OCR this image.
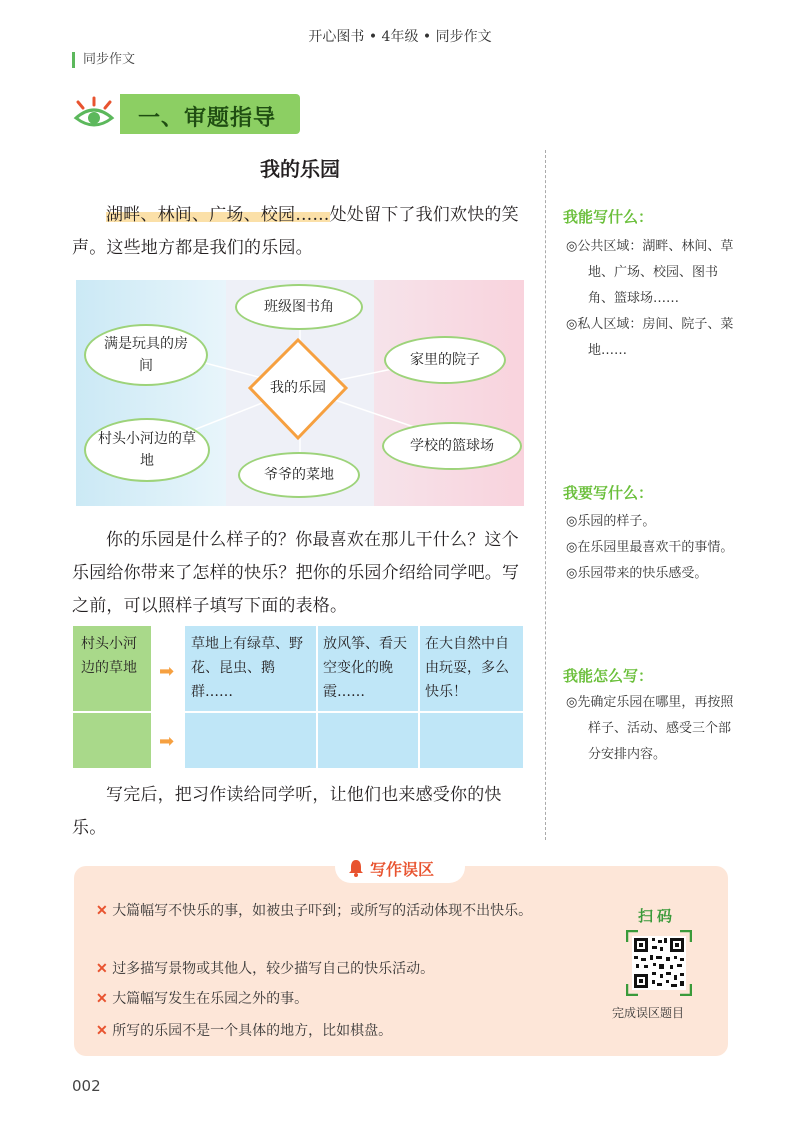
开心图书 • 4年级 • 同步作文
同步作文
一、审题指导
我的乐园
湖畔、林间、广场、校园……处处留下了我们欢快的笑声。这些地方都是我们的乐园。
班级图书角
满是玩具的房间	家里的院子
我的乐园
村头小河边的草地
学校的篮球场
爷爷的菜地
你的乐园是什么样子的？你最喜欢在那儿干什么？这个乐园给你带来了怎样的快乐？把你的乐园介绍给同学吧。写之前，可以照样子填写下面的表格。
村头小河边的草地	➡
草地上有绿草、野花、昆虫、鹅群……
放风筝、看天空变化的晚霞……
在大自然中自由玩耍，多么快乐！
➡
写完后，把习作读给同学听，让他们也来感受你的快乐。
我能写什么：

◎公共区域：湖畔、林间、草地、广场、校园、图书角、篮球场……

◎私人区域：房间、院子、菜地……

我要写什么：

◎乐园的样子。

◎在乐园里最喜欢干的事情。

◎乐园带来的快乐感受。

我能怎么写：

◎先确定乐园在哪里，再按照样子、活动、感受三个部分安排内容。

写作误区
✕ 大篇幅写不快乐的事，如被虫子吓到；或所写的活动体现不出快乐。
✕ 过多描写景物或其他人，较少描写自己的快乐活动。
✕ 大篇幅写发生在乐园之外的事。
✕ 所写的乐园不是一个具体的地方，比如棋盘。
扫码
完成误区题目
002
